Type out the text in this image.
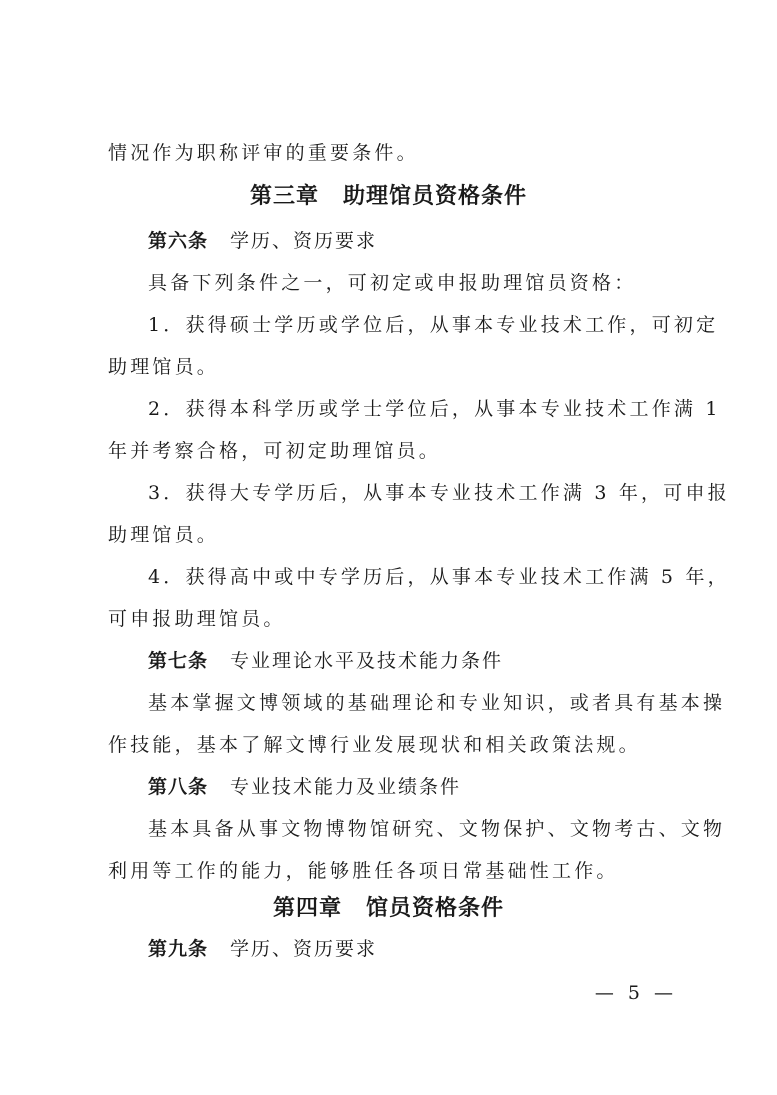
情况作为职称评审的重要条件。
第三章 助理馆员资格条件
第六条 学历、资历要求
具备下列条件之一，可初定或申报助理馆员资格：
1．获得硕士学历或学位后，从事本专业技术工作，可初定
助理馆员。
2．获得本科学历或学士学位后，从事本专业技术工作满 1
年并考察合格，可初定助理馆员。
3．获得大专学历后，从事本专业技术工作满 3 年，可申报
助理馆员。
4．获得高中或中专学历后，从事本专业技术工作满 5 年，
可申报助理馆员。
第七条 专业理论水平及技术能力条件
基本掌握文博领域的基础理论和专业知识，或者具有基本操
作技能，基本了解文博行业发展现状和相关政策法规。
第八条 专业技术能力及业绩条件
基本具备从事文物博物馆研究、文物保护、文物考古、文物
利用等工作的能力，能够胜任各项日常基础性工作。
第四章 馆员资格条件
第九条 学历、资历要求
— 5 —
